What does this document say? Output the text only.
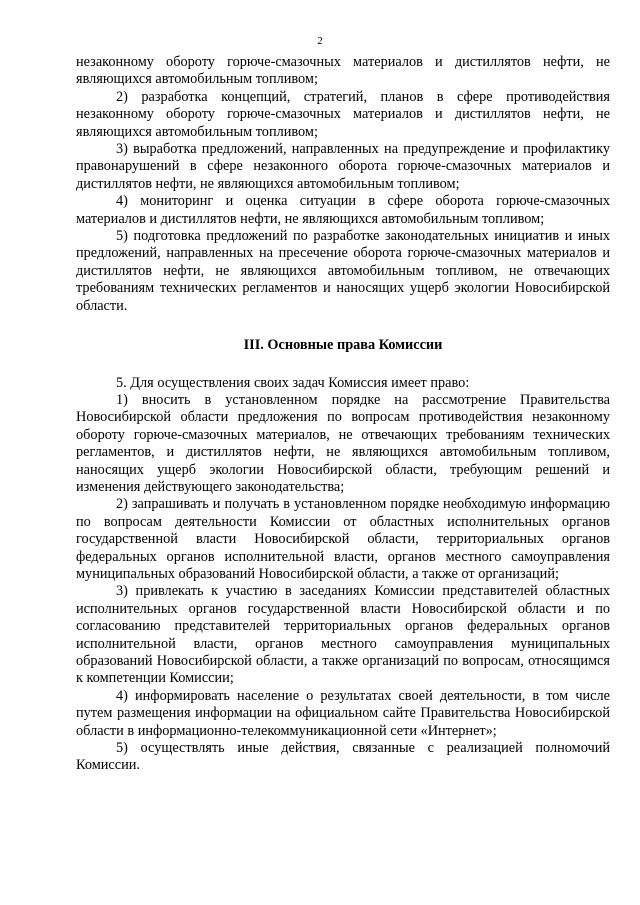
2

незаконному обороту горюче-смазочных материалов и дистиллятов нефти, не являющихся автомобильным топливом;

2) разработка концепций, стратегий, планов в сфере противодействия незаконному обороту горюче-смазочных материалов и дистиллятов нефти, не являющихся автомобильным топливом;

3) выработка предложений, направленных на предупреждение и профилактику правонарушений в сфере незаконного оборота горюче-смазочных материалов и дистиллятов нефти, не являющихся автомобильным топливом;

4) мониторинг и оценка ситуации в сфере оборота горюче-смазочных материалов и дистиллятов нефти, не являющихся автомобильным топливом;

5) подготовка предложений по разработке законодательных инициатив и иных предложений, направленных на пресечение оборота горюче-смазочных материалов и дистиллятов нефти, не являющихся автомобильным топливом, не отвечающих требованиям технических регламентов и наносящих ущерб экологии Новосибирской области.

III. Основные права Комиссии

5. Для осуществления своих задач Комиссия имеет право:

1) вносить в установленном порядке на рассмотрение Правительства Новосибирской области предложения по вопросам противодействия незаконному обороту горюче-смазочных материалов, не отвечающих требованиям технических регламентов, и дистиллятов нефти, не являющихся автомобильным топливом, наносящих ущерб экологии Новосибирской области, требующим решений и изменения действующего законодательства;

2) запрашивать и получать в установленном порядке необходимую информацию по вопросам деятельности Комиссии от областных исполнительных органов государственной власти Новосибирской области, территориальных органов федеральных органов исполнительной власти, органов местного самоуправления муниципальных образований Новосибирской области, а также от организаций;

3) привлекать к участию в заседаниях Комиссии представителей областных исполнительных органов государственной власти Новосибирской области и по согласованию представителей территориальных органов федеральных органов исполнительной власти, органов местного самоуправления муниципальных образований Новосибирской области, а также организаций по вопросам, относящимся к компетенции Комиссии;

4) информировать население о результатах своей деятельности, в том числе путем размещения информации на официальном сайте Правительства Новосибирской области в информационно-телекоммуникационной сети «Интернет»;

5) осуществлять иные действия, связанные с реализацией полномочий Комиссии.
